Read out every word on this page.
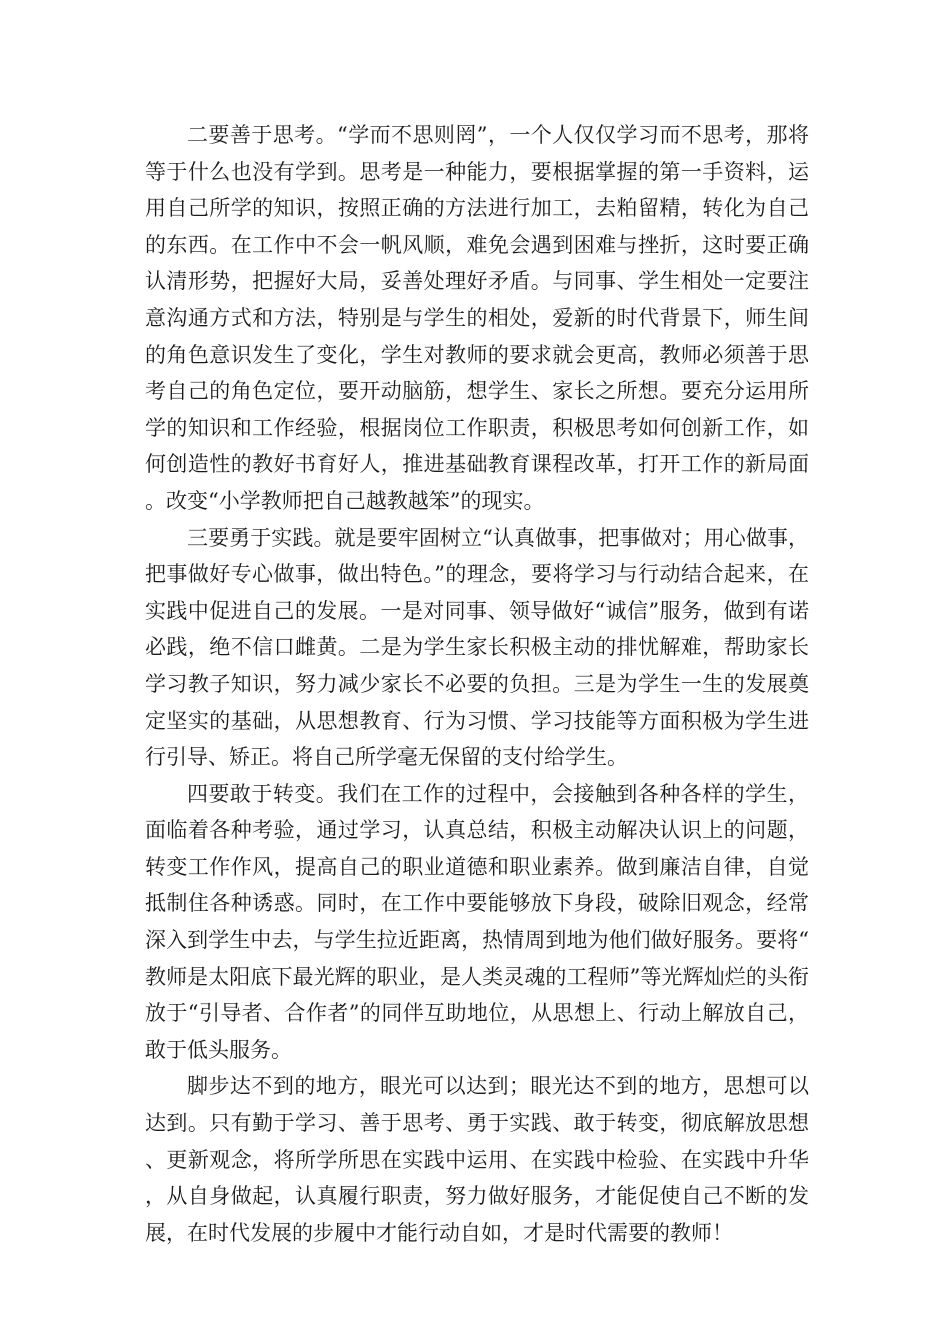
二要善于思考。“学而不思则罔”，一个人仅仅学习而不思考，那将等于什么也没有学到。思考是一种能力，要根据掌握的第一手资料，运用自己所学的知识，按照正确的方法进行加工，去粕留精，转化为自己的东西。在工作中不会一帆风顺，难免会遇到困难与挫折，这时要正确认清形势，把握好大局，妥善处理好矛盾。与同事、学生相处一定要注意沟通方式和方法，特别是与学生的相处，爱新的时代背景下，师生间的角色意识发生了变化，学生对教师的要求就会更高，教师必须善于思考自己的角色定位，要开动脑筋，想学生、家长之所想。要充分运用所学的知识和工作经验，根据岗位工作职责，积极思考如何创新工作，如何创造性的教好书育好人，推进基础教育课程改革，打开工作的新局面。改变“小学教师把自己越教越笨”的现实。

三要勇于实践。就是要牢固树立“认真做事，把事做对；用心做事，把事做好专心做事，做出特色。”的理念，要将学习与行动结合起来，在实践中促进自己的发展。一是对同事、领导做好“诚信”服务，做到有诺必践，绝不信口雌黄。二是为学生家长积极主动的排忧解难，帮助家长学习教子知识，努力减少家长不必要的负担。三是为学生一生的发展奠定坚实的基础，从思想教育、行为习惯、学习技能等方面积极为学生进行引导、矫正。将自己所学毫无保留的支付给学生。

四要敢于转变。我们在工作的过程中，会接触到各种各样的学生，面临着各种考验，通过学习，认真总结，积极主动解决认识上的问题，转变工作作风，提高自己的职业道德和职业素养。做到廉洁自律，自觉抵制住各种诱惑。同时，在工作中要能够放下身段，破除旧观念，经常深入到学生中去，与学生拉近距离，热情周到地为他们做好服务。要将“教师是太阳底下最光辉的职业，是人类灵魂的工程师”等光辉灿烂的头衔放于“引导者、合作者”的同伴互助地位，从思想上、行动上解放自己，敢于低头服务。

脚步达不到的地方，眼光可以达到；眼光达不到的地方，思想可以达到。只有勤于学习、善于思考、勇于实践、敢于转变，彻底解放思想、更新观念，将所学所思在实践中运用、在实践中检验、在实践中升华，从自身做起，认真履行职责，努力做好服务，才能促使自己不断的发展，在时代发展的步履中才能行动自如，才是时代需要的教师！
